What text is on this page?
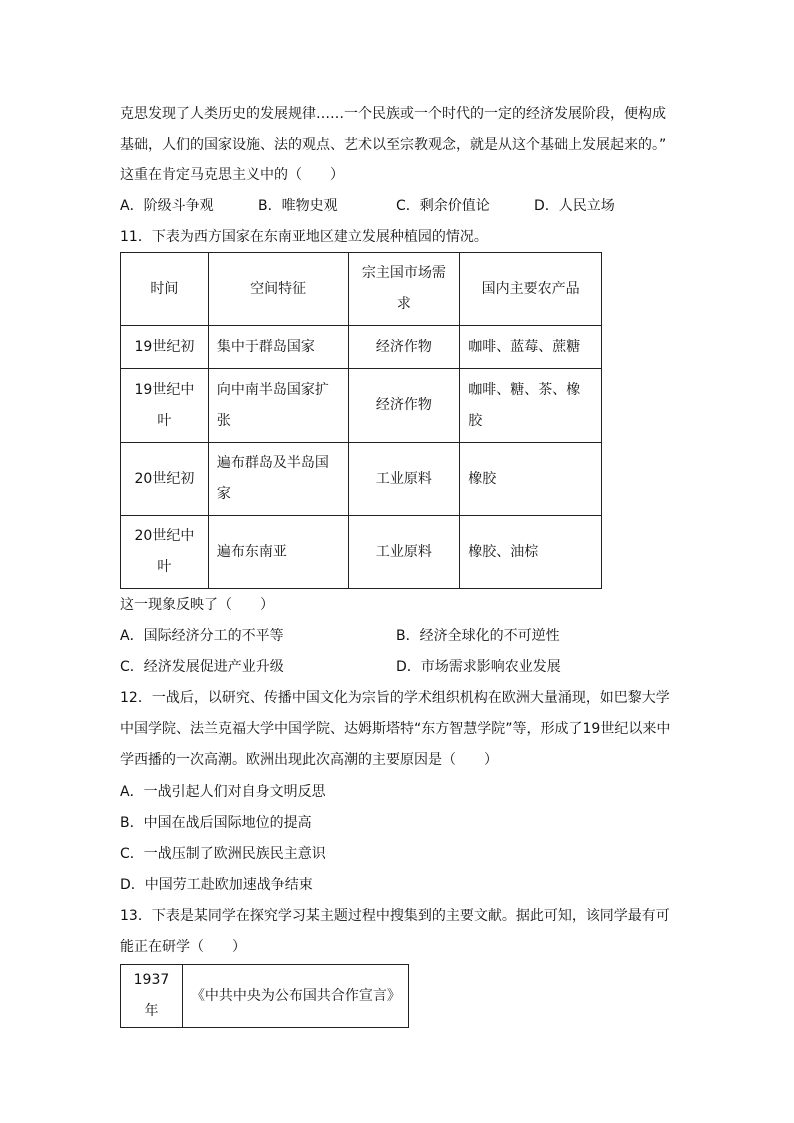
克思发现了人类历史的发展规律……一个民族或一个时代的一定的经济发展阶段，便构成
基础，人们的国家设施、法的观点、艺术以至宗教观念，就是从这个基础上发展起来的。”
这重在肯定马克思主义中的（　　）
A．阶级斗争观	B．唯物史观	C．剩余价值论	D．人民立场
11．下表为西方国家在东南亚地区建立发展种植园的情况。
时间	空间特征	宗主国市场需求	国内主要农产品
19世纪初	集中于群岛国家	经济作物	咖啡、蓝莓、蔗糖
19世纪中叶	向中南半岛国家扩张	经济作物	咖啡、糖、茶、橡胶
20世纪初	遍布群岛及半岛国家	工业原料	橡胶
20世纪中叶	遍布东南亚	工业原料	橡胶、油棕
这一现象反映了（　　）
A．国际经济分工的不平等	B．经济全球化的不可逆性
C．经济发展促进产业升级	D．市场需求影响农业发展
12．一战后，以研究、传播中国文化为宗旨的学术组织机构在欧洲大量涌现，如巴黎大学
中国学院、法兰克福大学中国学院、达姆斯塔特“东方智慧学院”等，形成了19世纪以来中
学西播的一次高潮。欧洲出现此次高潮的主要原因是（　　）
A．一战引起人们对自身文明反思
B．中国在战后国际地位的提高
C．一战压制了欧洲民族民主意识
D．中国劳工赴欧加速战争结束
13．下表是某同学在探究学习某主题过程中搜集到的主要文献。据此可知，该同学最有可
能正在研学（　　）
1937年	《中共中央为公布国共合作宣言》
